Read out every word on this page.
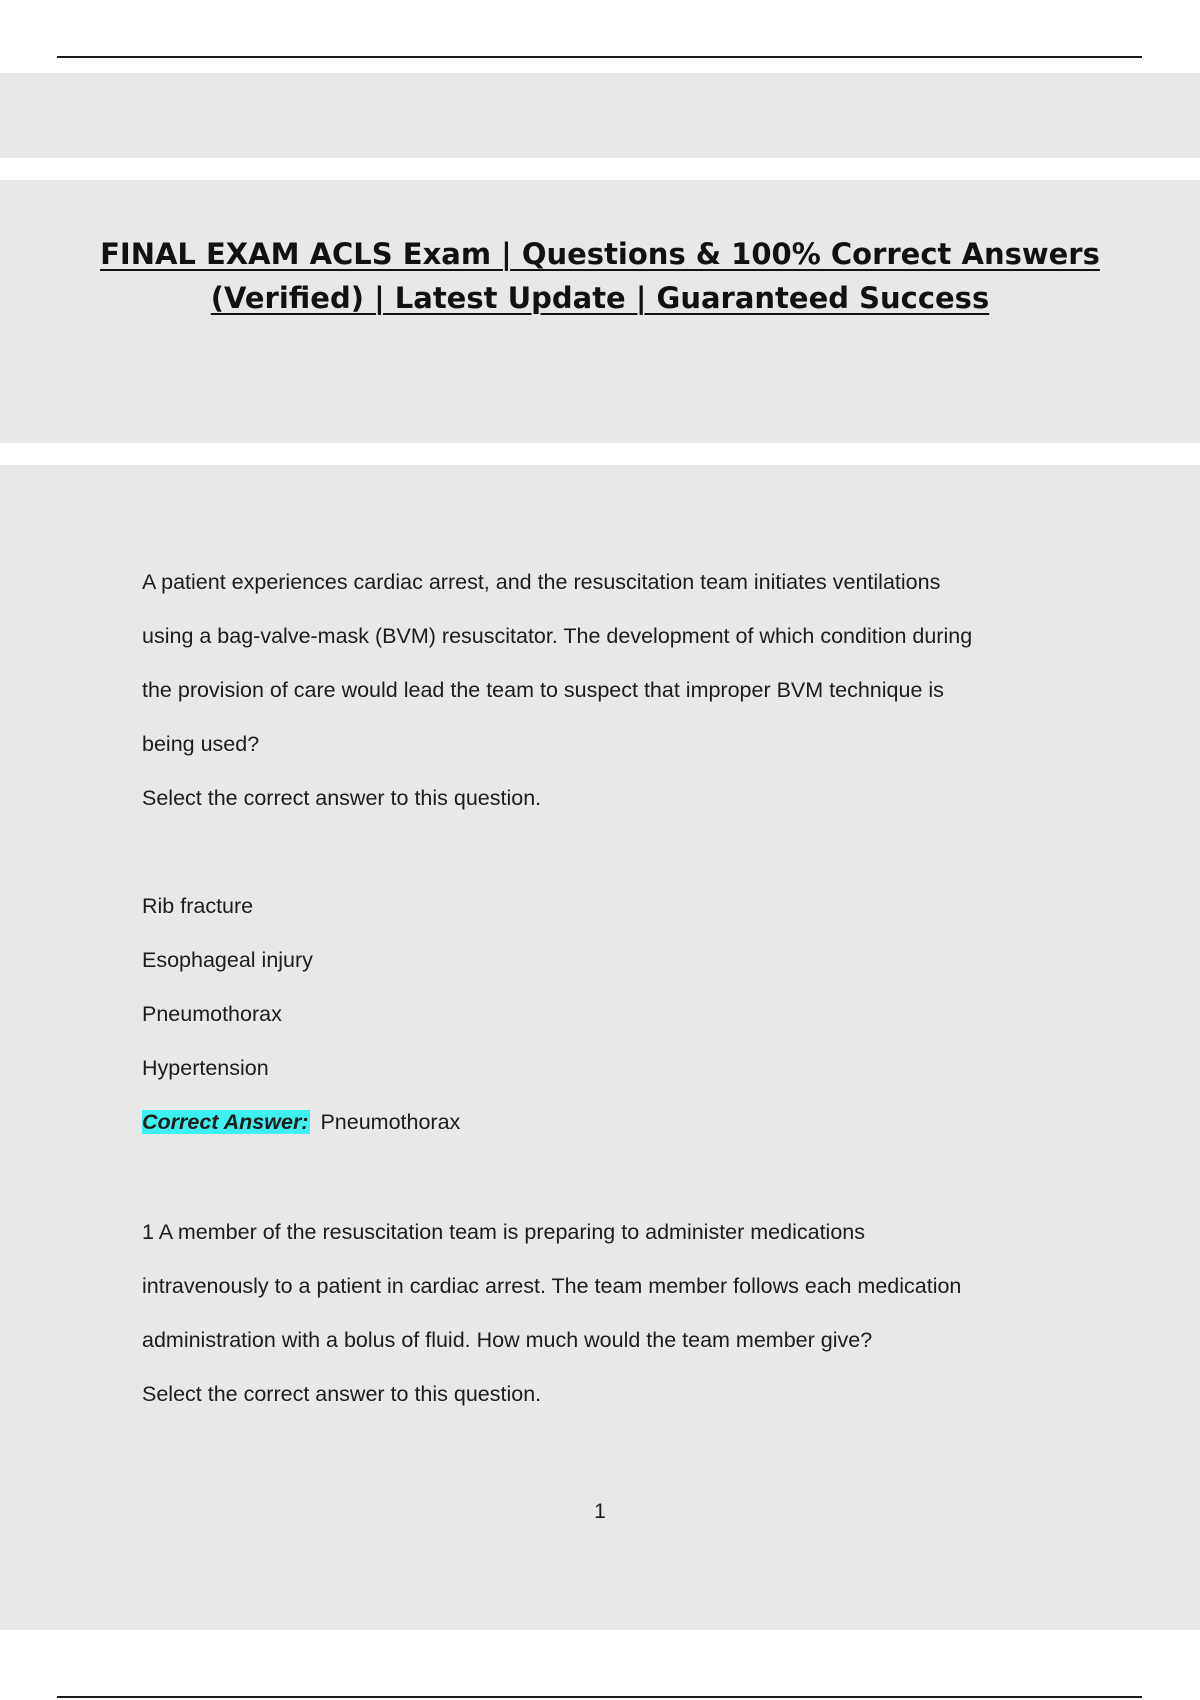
FINAL EXAM ACLS Exam | Questions & 100% Correct Answers (Verified) | Latest Update | Guaranteed Success

A patient experiences cardiac arrest, and the resuscitation team initiates ventilations

using a bag-valve-mask (BVM) resuscitator. The development of which condition during

the provision of care would lead the team to suspect that improper BVM technique is

being used?

Select the correct answer to this question.

Rib fracture

Esophageal injury

Pneumothorax

Hypertension

Correct Answer: Pneumothorax

1 A member of the resuscitation team is preparing to administer medications

intravenously to a patient in cardiac arrest. The team member follows each medication

administration with a bolus of fluid. How much would the team member give?

Select the correct answer to this question.

1
